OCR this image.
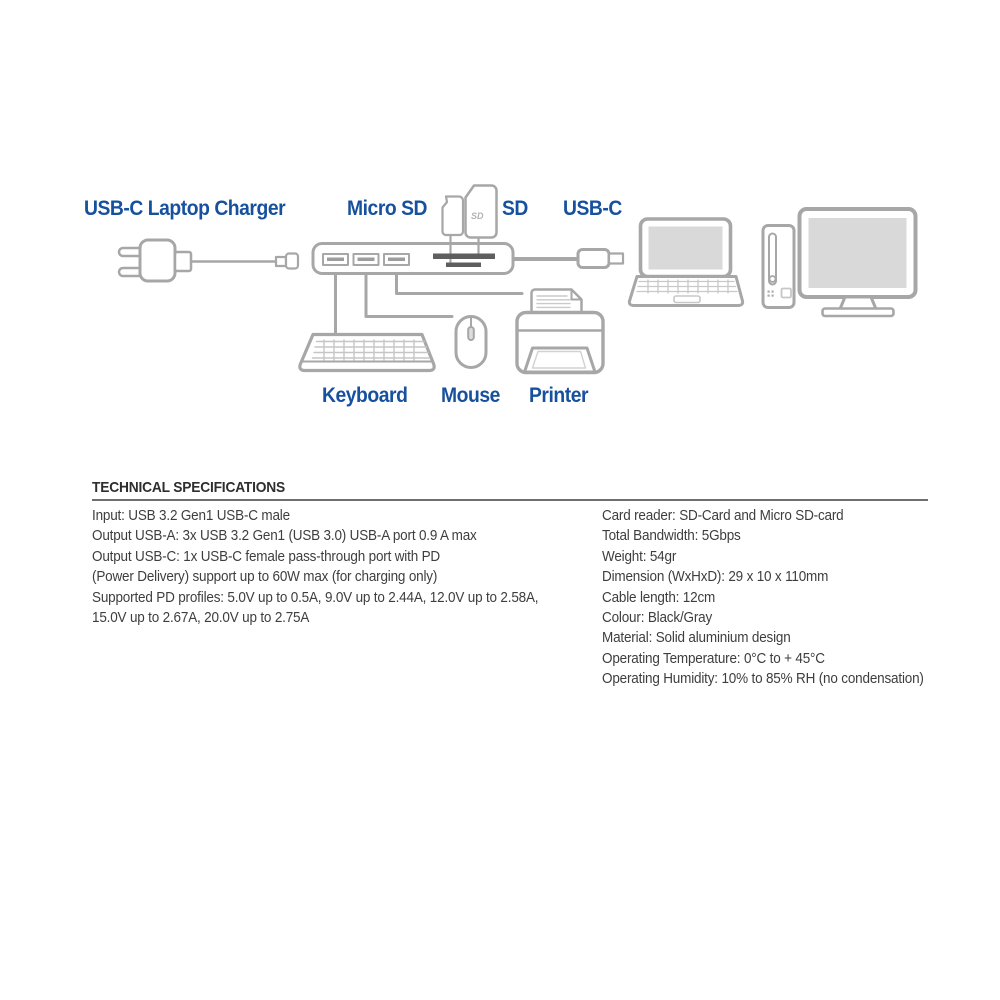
SD
USB-C Laptop Charger	Micro SD	SD USB-C
Keyboard Mouse Printer
TECHNICAL SPECIFICATIONS
Input: USB 3.2 Gen1 USB-C male
Output USB-A: 3x USB 3.2 Gen1 (USB 3.0) USB-A port 0.9 A max
Output USB-C: 1x USB-C female pass-through port with PD
(Power Delivery) support up to 60W max (for charging only)
Supported PD profiles: 5.0V up to 0.5A, 9.0V up to 2.44A, 12.0V up to 2.58A,
15.0V up to 2.67A, 20.0V up to 2.75A
Card reader: SD-Card and Micro SD-card
Total Bandwidth: 5Gbps
Weight: 54gr
Dimension (WxHxD): 29 x 10 x 110mm
Cable length: 12cm
Colour: Black/Gray
Material: Solid aluminium design
Operating Temperature: 0°C to + 45°C
Operating Humidity: 10% to 85% RH (no condensation)
